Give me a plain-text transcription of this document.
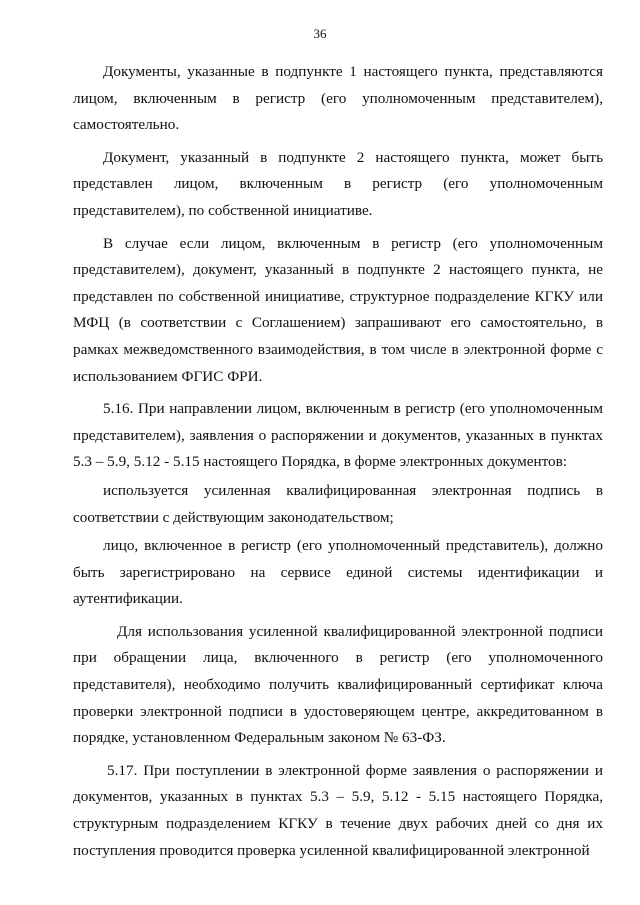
36

Документы, указанные в подпункте 1 настоящего пункта, представляются лицом, включенным в регистр (его уполномоченным представителем), самостоятельно.

Документ, указанный в подпункте 2 настоящего пункта, может быть представлен лицом, включенным в регистр (его уполномоченным представителем), по собственной инициативе.

В случае если лицом, включенным в регистр (его уполномоченным представителем), документ, указанный в подпункте 2 настоящего пункта, не представлен по собственной инициативе, структурное подразделение КГКУ или МФЦ (в соответствии с Соглашением) запрашивают его самостоятельно, в рамках межведомственного взаимодействия, в том числе в электронной форме с использованием ФГИС ФРИ.

5.16. При направлении лицом, включенным в регистр (его уполномоченным представителем), заявления о распоряжении и документов, указанных в пунктах 5.3 – 5.9, 5.12 - 5.15 настоящего Порядка, в форме электронных документов:

используется усиленная квалифицированная электронная подпись в соответствии с действующим законодательством;

лицо, включенное в регистр (его уполномоченный представитель), должно быть зарегистрировано на сервисе единой системы идентификации и аутентификации.

Для использования усиленной квалифицированной электронной подписи при обращении лица, включенного в регистр (его уполномоченного представителя), необходимо получить квалифицированный сертификат ключа проверки электронной подписи в удостоверяющем центре, аккредитованном в порядке, установленном Федеральным законом № 63-ФЗ.

5.17. При поступлении в электронной форме заявления о распоряжении и документов, указанных в пунктах 5.3 – 5.9, 5.12 - 5.15 настоящего Порядка, структурным подразделением КГКУ в течение двух рабочих дней со дня их поступления проводится проверка усиленной квалифицированной электронной
